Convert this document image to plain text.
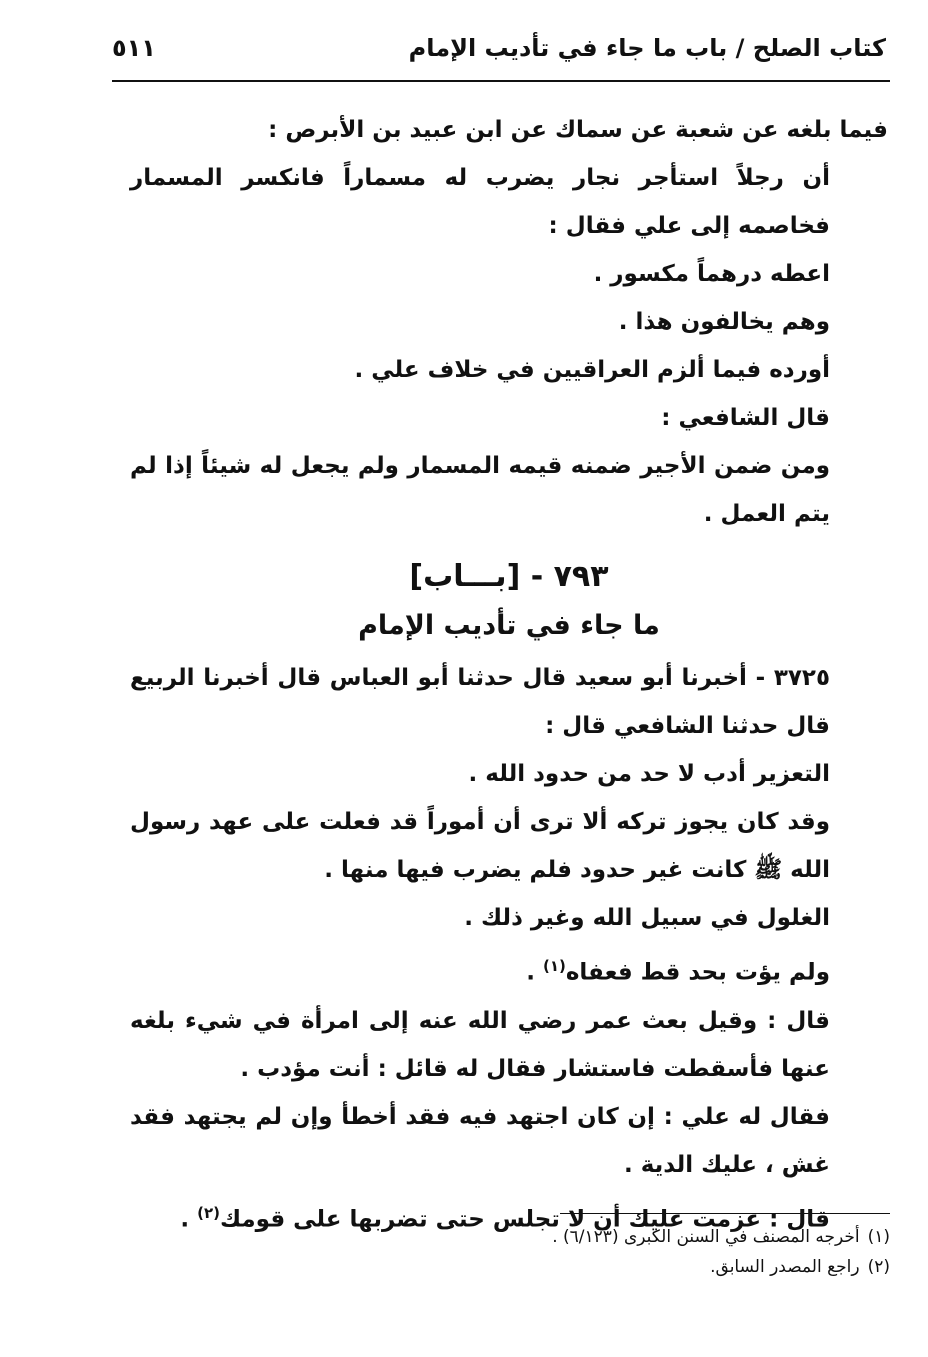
كتاب الصلح / باب ما جاء في تأديب الإمام
٥١١

فيما بلغه عن شعبة عن سماك عن ابن عبيد بن الأبرص :

أن رجلاً استأجر نجار يضرب له مسماراً فانكسر المسمار فخاصمه إلى علي فقال :

اعطه درهماً مكسور .

وهم يخالفون هذا .

أورده فيما ألزم العراقيين في خلاف علي .

قال الشافعي :

ومن ضمن الأجير ضمنه قيمه المسمار ولم يجعل له شيئاً إذا لم يتم العمل .

٧٩٣ - [بـــاب]

ما جاء في تأديب الإمام

٣٧٢٥ - أخبرنا أبو سعيد قال حدثنا أبو العباس قال أخبرنا الربيع قال حدثنا الشافعي قال :

التعزير أدب لا حد من حدود الله .

وقد كان يجوز تركه ألا ترى أن أموراً قد فعلت على عهد رسول الله ﷺ كانت غير حدود فلم يضرب فيها منها .

الغلول في سبيل الله وغير ذلك .

ولم يؤت بحد قط فعفاه$^{(١)}$ .

قال : وقيل بعث عمر رضي الله عنه إلى امرأة في شيء بلغه عنها فأسقطت فاستشار فقال له قائل : أنت مؤدب .

فقال له علي : إن كان اجتهد فيه فقد أخطأ وإن لم يجتهد فقد غش ، عليك الدية .

قال : عزمت عليك أن لا تجلس حتى تضربها على قومك$^{(٢)}$ .

(١)أخرجه المصنف في السنن الكبرى (٦/١٢٣) .

(٢)راجع المصدر السابق.
